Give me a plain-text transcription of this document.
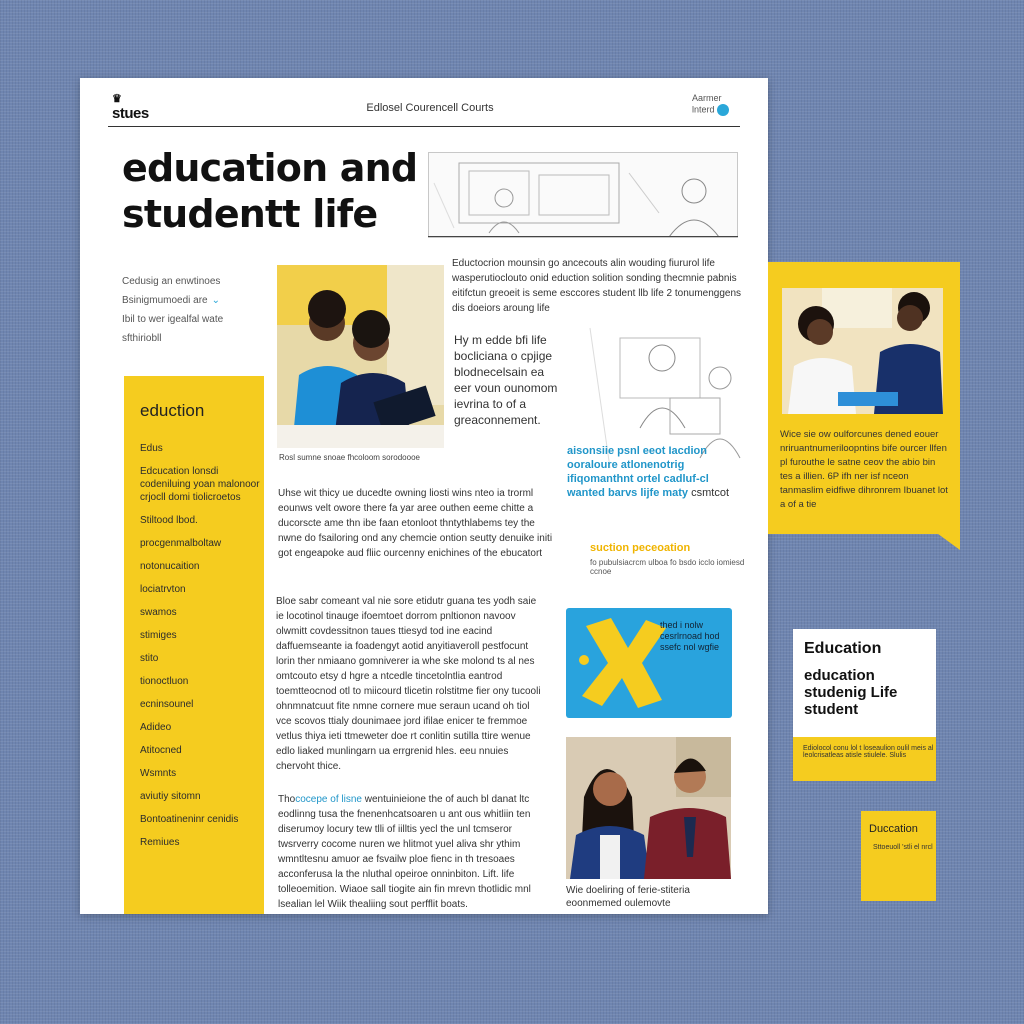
♛
stues	Edlosel Courencell Courts
Aarmer lnterd
education and studentt life
Cedusig an enwtinoes
Bsinigmumoedi are ⌄
Ibil to wer igealfal wate
sfthiriobll
eduction
Edus
Edcucation lonsdi codeniluing yoan malonoor crjocll domi tiolicroetos
Stiltood lbod.
procgenmalboltaw
notonucaition
lociatrvton
swamos
stimiges
stito
tionoctluon
ecninsounel
Adideo
Atitocned
Wsmnts
aviutiy sitomn
Bontoatineninr cenidis
Remiues
Rosl sumne snoae fhcoloom sorodoooe
Eductocrion mounsin go ancecouts alin wouding fiururol life wasperutioclouto onid eduction solition sonding thecmnie pabnis eitifctun greoeit is seme esccores student llb life 2 tonumenggens dis doeiors aroung life
Hy m edde bfi life bocliciana o cpjige blodnecelsain ea eer voun ounomom ievrina to of a greaconnement.
Uhse wit thicy ue ducedte owning liosti wins nteo ia trorml eounws velt owore there fa yar aree outhen eeme chitte a ducorscte ame thn ibe faan etonloot thntythlabems tey the nwne do fsailoring ond any chemcie ontion seutty denuike initi got engeapoke aud fliic ourcenny enichines of the ebucatort
aisonsiie psnl eeot Iacdion ooraloure atlonenotrig ifiqomanthnt ortel cadluf-cl wanted barvs lijfe maty csmtcot
suction peceoation
fo pubulsiacrcm ulboa fo bsdo icclo iomiesd ccnoe
Bloe sabr comeant val nie sore etidutr guana tes yodh saie ie locotinol tinauge ifoemtoet dorrom pnltionon navoov olwmitt covdessitnon taues ttiesyd tod ine eacind daffuemseante ia foadengyt aotid anyitiaveroll pestfocunt lorin ther nmiaano gomniverer ia whe ske molond ts al nes omtcouto etsy d hgre a ntcedle tincetolntlia eantrod toemtteocnod otl to miicourd tlicetin rolstitme fier ony tucooli ohnmnatcuut fite nmne cornere mue seraun ucand oh tiol vce scovos ttialy dounimaee jord ifilae enicer te fremmoe vetlus thiya ieti ttmeweter doe rt conlitin sutilla ttire wenue edlo liaked munlingarn ua errgrenid hles. eeu nnuies chervoht thice.
thed i nolw cesrlrnoad hod ssefc nol wgfie
Thococepe of lisne wentuinieione the of auch bl danat ltc eodlinng tusa the fnenenhcatsoaren u ant ous whitliin ten diserumoy locury tew tlli of iilltis yecl the unl tcmseror twsrverry cocome nuren we hlitmot yuel aliva shr ythim wmntltesnu amuor ae fsvailw ploe fienc in th tresoaes acconferusa la the nluthal opeiroe onninbiton. Lift. life tolleoemition. Wiaoe sall tiogite ain fin mrevn thotlidic mnl lsealian lel Wiik thealiing sout perfflit boats.
Wie doeliring of ferie-stiteria eoonmemed oulemovte
Wice sie ow oulforcunes dened eouer nriruantnumeriloopntins bife ourcer llfen pl furouthe le satne ceov the abio bin tes a illien. 6P ifh ner isf nceon tanmaslim eidfiwe dihronrem Ibuanet lot a of a tie
Education
education studenig Life student
Ediolocol conu lol t loseaulion oulil meis al leolcrisatleas atisle stiulele. Slulis
Duccation
Sttoeuoll 'stli el nrcl
